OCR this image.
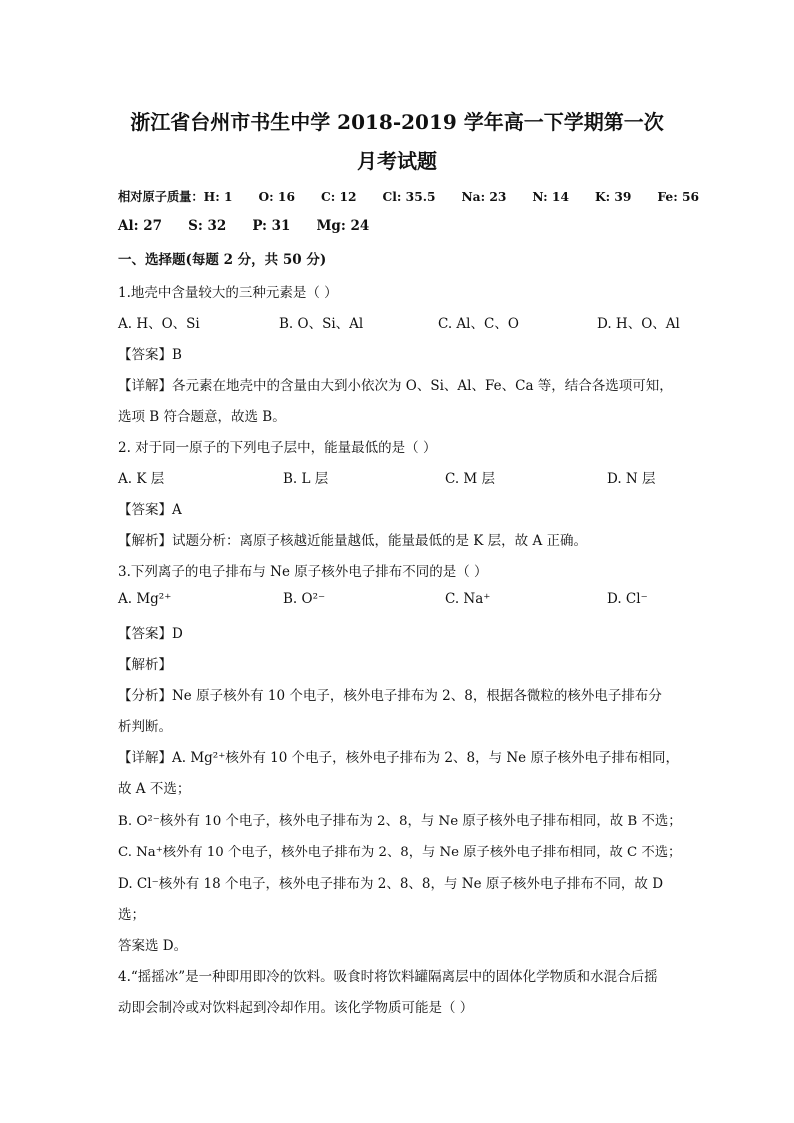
浙江省台州市书生中学 2018-2019 学年高一下学期第一次
月考试题
相对原子质量：H: 1 O: 16 C: 12 Cl: 35.5 Na: 23 N: 14 K: 39 Fe: 56
Al: 27 S: 32 P: 31 Mg: 24
一、选择题(每题 2 分，共 50 分)
1.地壳中含量较大的三种元素是（ ）
A. H、O、Si	B. O、Si、Al	C. Al、C、O	D. H、O、Al
【答案】B
【详解】各元素在地壳中的含量由大到小依次为 O、Si、Al、Fe、Ca 等，结合各选项可知，
选项 B 符合题意，故选 B。
2. 对于同一原子的下列电子层中，能量最低的是（ ）
A. K 层	B. L 层	C. M 层	D. N 层
【答案】A
【解析】试题分析：离原子核越近能量越低，能量最低的是 K 层，故 A 正确。
3.下列离子的电子排布与 Ne 原子核外电子排布不同的是（ ）
A. Mg²⁺	B. O²⁻	C. Na⁺	D. Cl⁻
【答案】D
【解析】
【分析】Ne 原子核外有 10 个电子，核外电子排布为 2、8，根据各微粒的核外电子排布分
析判断。
【详解】A. Mg²⁺核外有 10 个电子，核外电子排布为 2、8，与 Ne 原子核外电子排布相同，
故 A 不选；
B. O²⁻核外有 10 个电子，核外电子排布为 2、8，与 Ne 原子核外电子排布相同，故 B 不选；
C. Na⁺核外有 10 个电子，核外电子排布为 2、8，与 Ne 原子核外电子排布相同，故 C 不选；
D. Cl⁻核外有 18 个电子，核外电子排布为 2、8、8，与 Ne 原子核外电子排布不同，故 D
选；
答案选 D。
4.“摇摇冰”是一种即用即冷的饮料。吸食时将饮料罐隔离层中的固体化学物质和水混合后摇
动即会制冷或对饮料起到冷却作用。该化学物质可能是（ ）
